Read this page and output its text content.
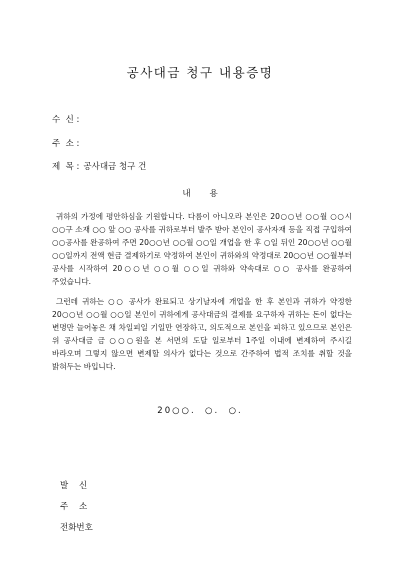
공사대금 청구 내용증명
수  신 :
주  소 :
제  목 : 공사대금 청구 건
내       용
귀하의 가정에 평안하심을 기원합니다. 다름이 아니오라 본인은 20○○년 ○○월 ○○시 ○○구 소재 ○○ 앞 ○○ 공사를 귀하로부터 발주 받아 본인이 공사자재 등을 직접 구입하여 ○○공사를 완공하여 주면 20○○년 ○○월 ○○일 개업을 한 후 ○일 뒤인 20○○년 ○○월 ○○일까지 전액 현금 결제하기로 약정하여 본인이 귀하와의 약정대로 20○○년 ○○월부터 공사를 시작하여 20○○년 ○○월 ○○일 귀하와 약속대로 ○○ 공사를 완공하여 주었습니다.
그런데 귀하는 ○○ 공사가 완료되고 상기날자에 개업을 한 후 본인과 귀하가 약정한 20○○년 ○○월 ○○일 본인이 귀하에게 공사대금의 결제를 요구하자 귀하는 돈이 없다는 변명만 늘어놓은 채 차일피일 기일만 연장하고, 의도적으로 본인을 피하고 있으므로 본인은 위 공사대금 금 ○○○원을 본 서면의 도달 일로부터 1주일 이내에 변제하여 주시길 바라오며 그렇지 않으면 변제할 의사가 없다는 것으로 간주하여 법적 조치를 취할 것을 밝혀두는 바입니다.
20○○.  ○.  ○.
발    신
주    소
전화번호
